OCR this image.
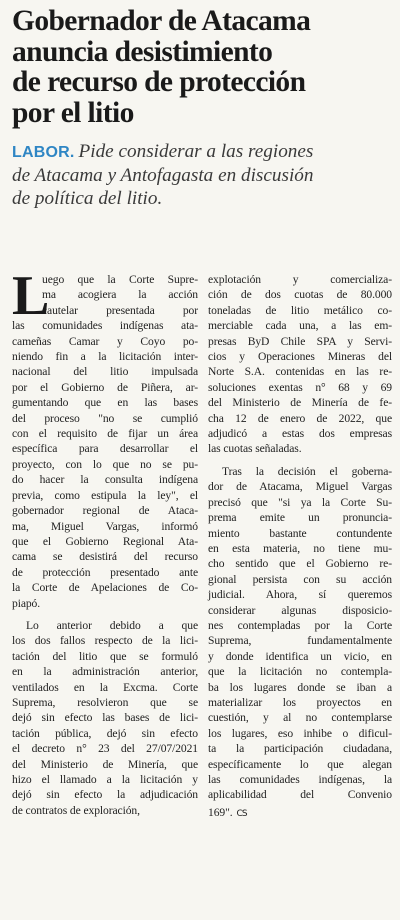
Gobernador de Atacama
anuncia desistimiento
de recurso de protección
por el litio
LABOR. Pide considerar a las regiones
de Atacama y Antofagasta en discusión
de política del litio.
L

uego que la Corte Supre-
ma acogiera la acción
cautelar presentada por
las comunidades indígenas ata-
cameñas Camar y Coyo po-
niendo fin a la licitación inter-
nacional del litio impulsada
por el Gobierno de Piñera, ar-
gumentando que en las bases
del proceso "no se cumplió
con el requisito de fijar un área
específica para desarrollar el
proyecto, con lo que no se pu-
do hacer la consulta indígena
previa, como estipula la ley", el
gobernador regional de Ataca-
ma, Miguel Vargas, informó
que el Gobierno Regional Ata-
cama se desistirá del recurso
de protección presentado ante
la Corte de Apelaciones de Co-
piapó.

Lo anterior debido a que
los dos fallos respecto de la lici-
tación del litio que se formuló
en la administración anterior,
ventilados en la Excma. Corte
Suprema, resolvieron que se
dejó sin efecto las bases de lici-
tación pública, dejó sin efecto
el decreto n° 23 del 27/07/2021
del Ministerio de Minería, que
hizo el llamado a la licitación y
dejó sin efecto la adjudicación
de contratos de exploración,

explotación y comercializa-
ción de dos cuotas de 80.000
toneladas de litio metálico co-
merciable cada una, a las em-
presas ByD Chile SPA y Servi-
cios y Operaciones Mineras del
Norte S.A. contenidas en las re-
soluciones exentas n° 68 y 69
del Ministerio de Minería de fe-
cha 12 de enero de 2022, que
adjudicó a estas dos empresas
las cuotas señaladas.

Tras la decisión el goberna-
dor de Atacama, Miguel Vargas
precisó que "si ya la Corte Su-
prema emite un pronuncia-
miento bastante contundente
en esta materia, no tiene mu-
cho sentido que el Gobierno re-
gional persista con su acción
judicial. Ahora, sí queremos
considerar algunas disposicio-
nes contempladas por la Corte
Suprema, fundamentalmente
y donde identifica un vicio, en
que la licitación no contempla-
ba los lugares donde se iban a
materializar los proyectos en
cuestión, y al no contemplarse
los lugares, eso inhibe o dificul-
ta la participación ciudadana,
específicamente lo que alegan
las comunidades indígenas, la
aplicabilidad del Convenio
169". CS
